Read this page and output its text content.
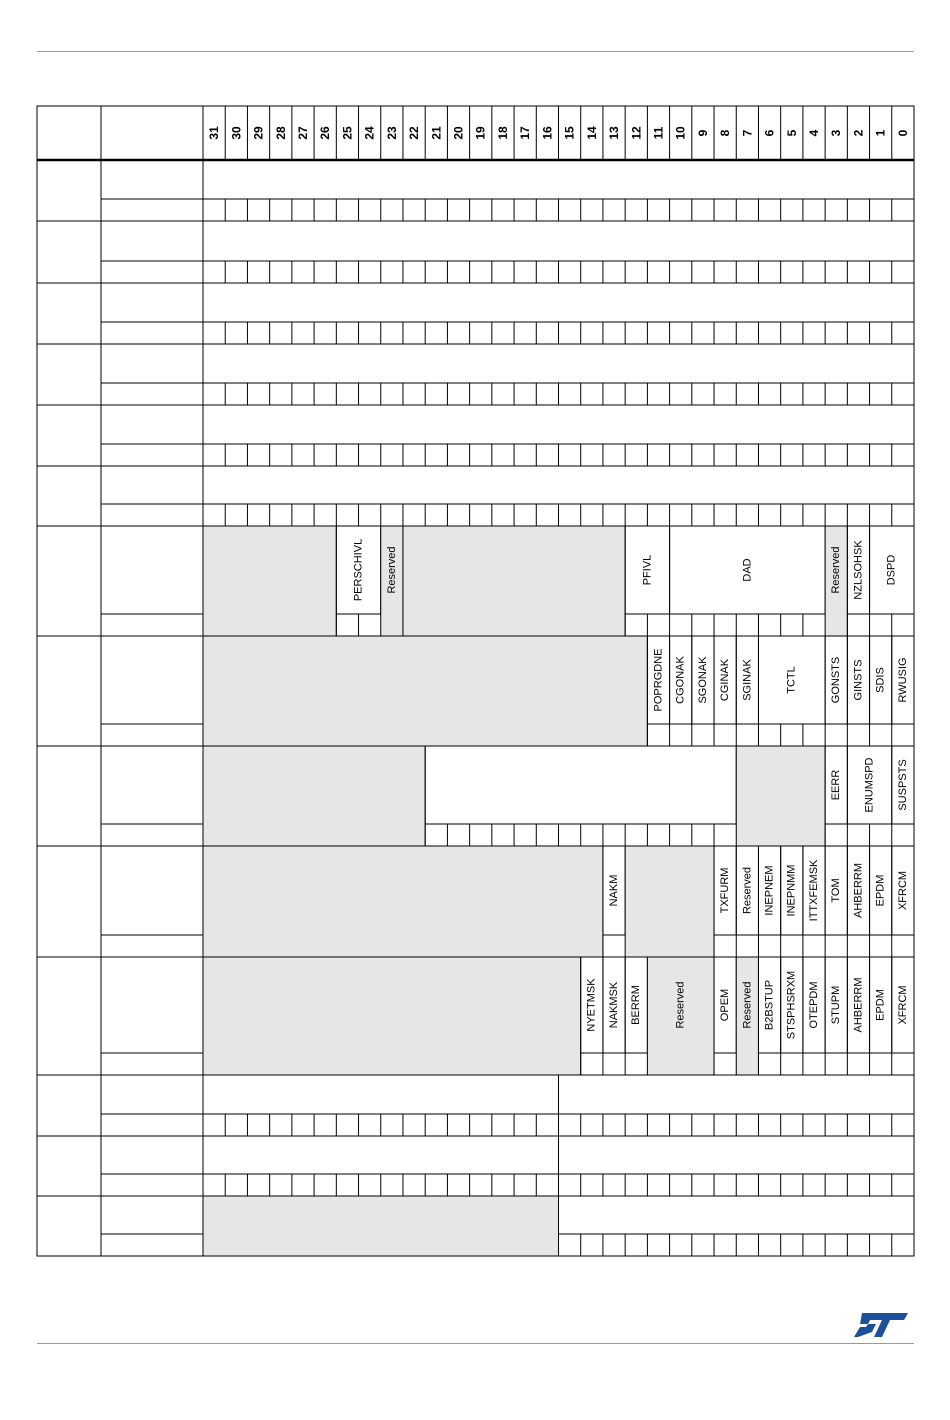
31 30 29 28 27 26 25 24 23 22 21 20 19 18 17 16 15 14 13 12 11 10 9 8 7 6 5 4 3 2 1 0
PERSCHIVL Reserved	PFIVL	DAD	Reserved NZLSOHSK DSPD
POPRGDNE CGONAK SGONAK CGINAK SGINAK	TCTL	GONSTS GINSTS SDIS RWUSIG
EERR ENUMSPD SUSPSTS
NAKM	TXFURM Reserved INEPNEM INEPNMM ITTXFEMSK TOM AHBERRM EPDM XFRCM
NYETMSK NAKMSK BERRM	Reserved	OPEM Reserved B2BSTUP STSPHSRXM OTEPDM STUPM AHBERRM EPDM XFRCM
